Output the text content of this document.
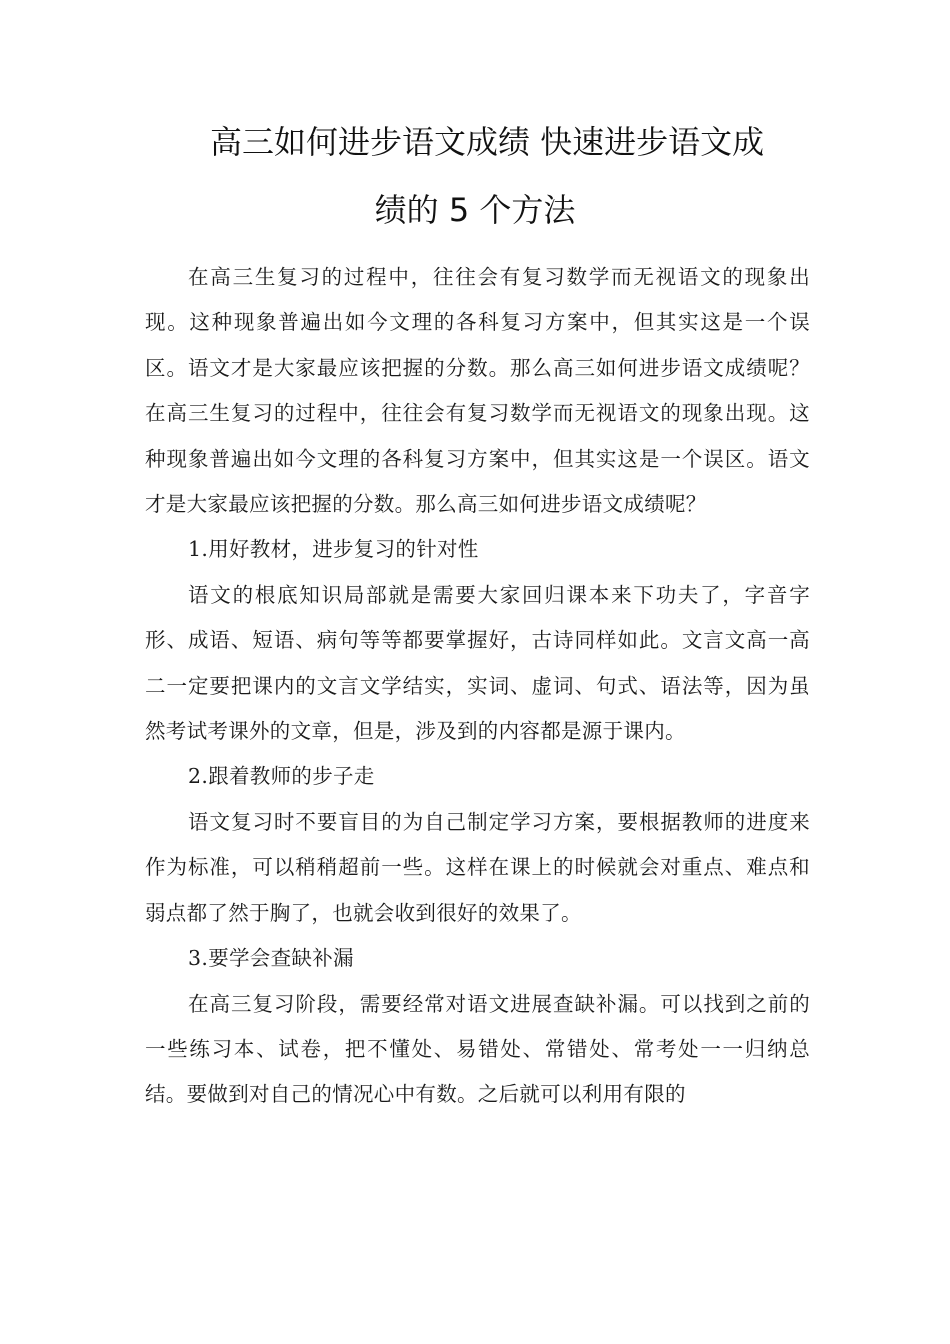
高三如何进步语文成绩 快速进步语文成
绩的 5 个方法

在高三生复习的过程中，往往会有复习数学而无视语文的现象出现。这种现象普遍出如今文理的各科复习方案中，但其实这是一个误区。语文才是大家最应该把握的分数。那么高三如何进步语文成绩呢？在高三生复习的过程中，往往会有复习数学而无视语文的现象出现。这种现象普遍出如今文理的各科复习方案中，但其实这是一个误区。语文才是大家最应该把握的分数。那么高三如何进步语文成绩呢？

1.用好教材，进步复习的针对性

语文的根底知识局部就是需要大家回归课本来下功夫了，字音字形、成语、短语、病句等等都要掌握好，古诗同样如此。文言文高一高二一定要把课内的文言文学结实，实词、虚词、句式、语法等，因为虽然考试考课外的文章，但是，涉及到的内容都是源于课内。

2.跟着教师的步子走

语文复习时不要盲目的为自己制定学习方案，要根据教师的进度来作为标准，可以稍稍超前一些。这样在课上的时候就会对重点、难点和弱点都了然于胸了，也就会收到很好的效果了。

3.要学会查缺补漏

在高三复习阶段，需要经常对语文进展查缺补漏。可以找到之前的一些练习本、试卷，把不懂处、易错处、常错处、常考处一一归纳总结。要做到对自己的情况心中有数。之后就可以利用有限的
